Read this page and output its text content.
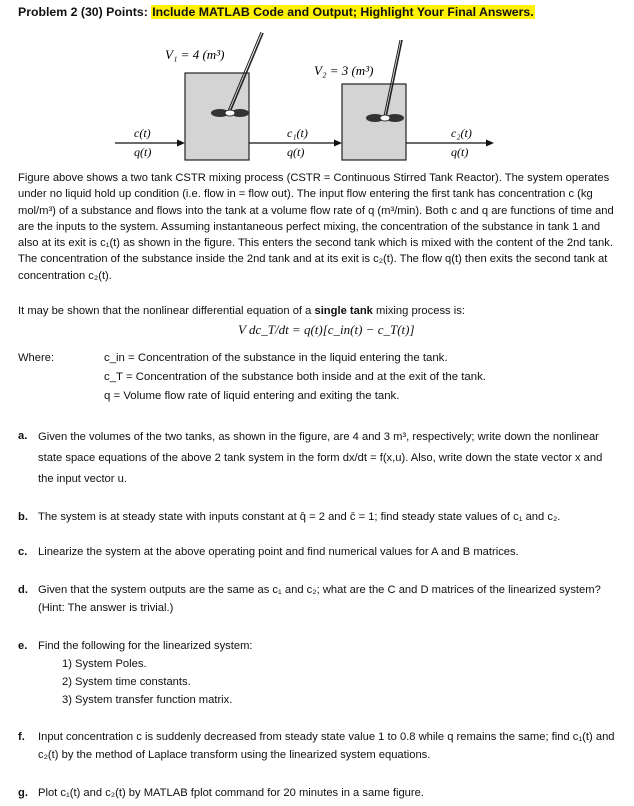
Problem 2 (30) Points: Include MATLAB Code and Output; Highlight Your Final Answers.
V₁ = 4 (m³)
V₂ = 3 (m³)
c(t)
q(t)
c₁(t)
q(t)
c₂(t)
q(t)
Figure above shows a two tank CSTR mixing process (CSTR = Continuous Stirred Tank Reactor). The system operates under no liquid hold up condition (i.e. flow in = flow out). The input flow entering the first tank has concentration c (kg mol/m³) of a substance and flows into the tank at a volume flow rate of q (m³/min). Both c and q are functions of time and are the inputs to the system. Assuming instantaneous perfect mixing, the concentration of the substance in tank 1 and also at its exit is c₁(t) as shown in the figure. This enters the second tank which is mixed with the content of the 2nd tank. The concentration of the substance inside the 2nd tank and at its exit is c₂(t). The flow q(t) then exits the second tank at concentration c₂(t).
It may be shown that the nonlinear differential equation of a single tank mixing process is:
V dc_T/dt = q(t)[c_in(t) − c_T(t)]
Where:	c_in = Concentration of the substance in the liquid entering the tank.
c_T = Concentration of the substance both inside and at the exit of the tank.
q = Volume flow rate of liquid entering and exiting the tank.
a. Given the volumes of the two tanks, as shown in the figure, are 4 and 3 m³, respectively; write down the nonlinear state space equations of the above 2 tank system in the form dx/dt = f(x,u). Also, write down the state vector x and the input vector u.
b. The system is at steady state with inputs constant at q̄ = 2 and c̄ = 1; find steady state values of c₁ and c₂.
c. Linearize the system at the above operating point and find numerical values for A and B matrices.
d. Given that the system outputs are the same as c₁ and c₂; what are the C and D matrices of the linearized system? (Hint: The answer is trivial.)
e. Find the following for the linearized system:
1) System Poles.
2) System time constants.
3) System transfer function matrix.
f. Input concentration c is suddenly decreased from steady state value 1 to 0.8 while q remains the same; find c₁(t) and c₂(t) by the method of Laplace transform using the linearized system equations.
g. Plot c₁(t) and c₂(t) by MATLAB fplot command for 20 minutes in a same figure.
